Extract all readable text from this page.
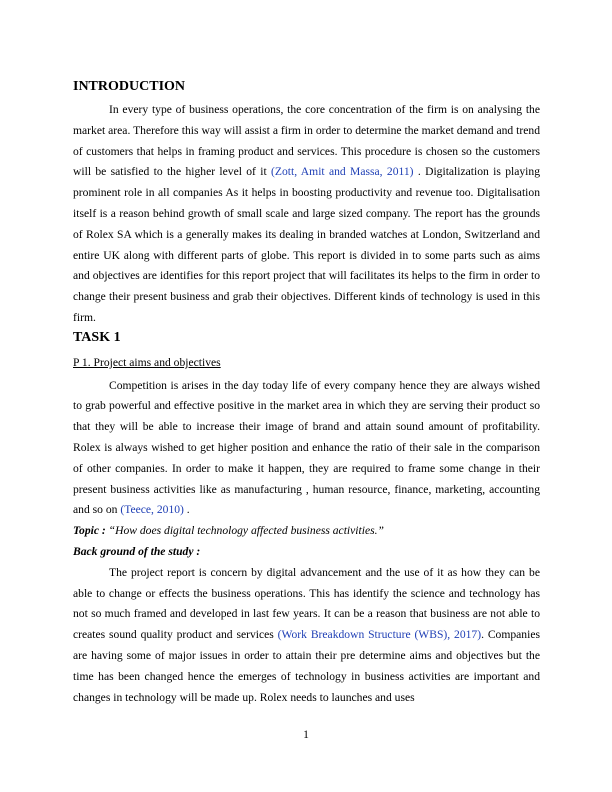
INTRODUCTION

In every type of business operations, the core concentration of the firm is on analysing the market area. Therefore this way will assist a firm in order to determine the market demand and trend of customers that helps in framing product and services. This procedure is chosen so the customers will be satisfied to the higher level of it (Zott, Amit and Massa, 2011) . Digitalization is playing prominent role in all companies As it helps in boosting productivity and revenue too. Digitalisation itself is a reason behind growth of small scale and large sized company. The report has the grounds of Rolex SA which is a generally makes its dealing in branded watches at London, Switzerland and entire UK along with different parts of globe. This report is divided in to some parts such as aims and objectives are identifies for this report project that will facilitates its helps to the firm in order to change their present business and grab their objectives. Different kinds of technology is used in this firm.

TASK 1

P 1. Project aims and objectives

Competition is arises in the day today life of every company hence they are always wished to grab powerful and effective positive in the market area in which they are serving their product so that they will be able to increase their image of brand and attain sound amount of profitability. Rolex is always wished to get higher position and enhance the ratio of their sale in the comparison of other companies. In order to make it happen, they are required to frame some change in their present business activities like as manufacturing , human resource, finance, marketing, accounting and so on (Teece, 2010) .

Topic : “How does digital technology affected business activities.”

Back ground of the study :

The project report is concern by digital advancement and the use of it as how they can be able to change or effects the business operations. This has identify the science and technology has not so much framed and developed in last few years. It can be a reason that business are not able to creates sound quality product and services (Work Breakdown Structure (WBS), 2017). Companies are having some of major issues in order to attain their pre determine aims and objectives but the time has been changed hence the emerges of technology in business activities are important and changes in technology will be made up. Rolex needs to launches and uses

1
